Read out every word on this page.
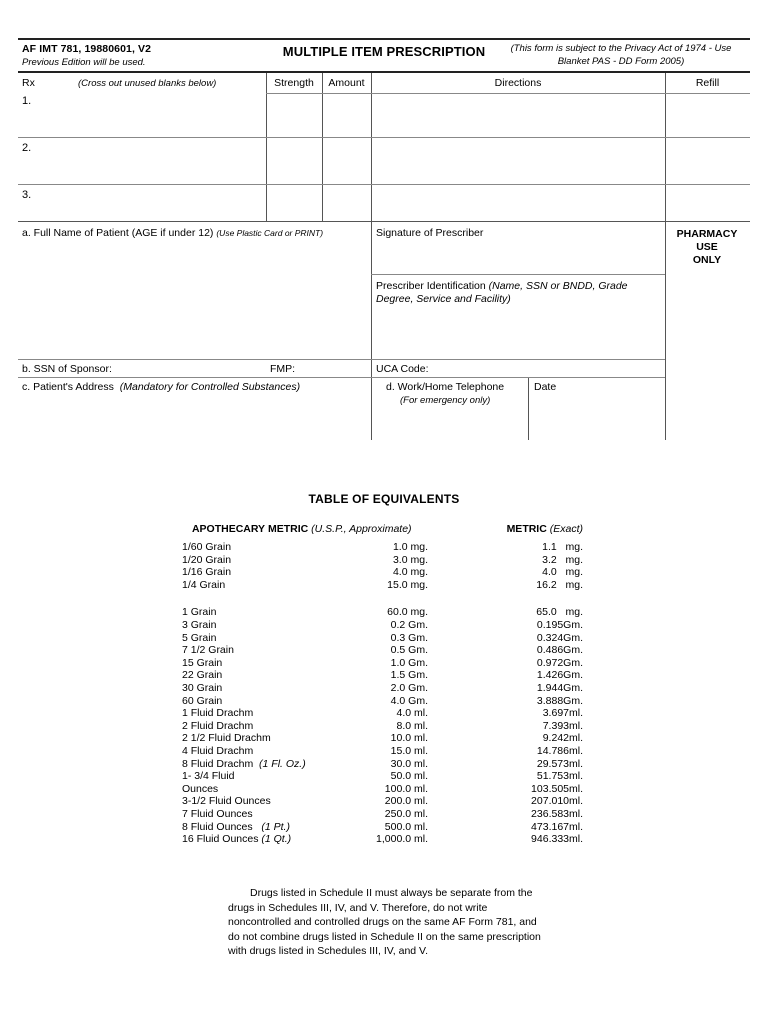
AF IMT 781, 19880601, V2
Previous Edition will be used.
MULTIPLE ITEM PRESCRIPTION	(This form is subject to the Privacy Act of 1974 - Use Blanket PAS - DD Form 2005)
Rx	(Cross out unused blanks below)	Strength	Amount	Directions	Refill
1.
2.
3.
a. Full Name of Patient (AGE if under 12) (Use Plastic Card or PRINT)
b. SSN of Sponsor:	FMP:
c. Patient's Address (Mandatory for Controlled Substances)
Signature of Prescriber
Prescriber Identification (Name, SSN or BNDD, Grade
Degree, Service and Facility)
UCA Code:
d. Work/Home Telephone
(For emergency only)
Date
PHARMACY
USE
ONLY
TABLE OF EQUIVALENTS
APOTHECARY METRIC (U.S.P., Approximate)	METRIC (Exact)
1/60 Grain	1.0 mg.	1.1   mg.
1/20 Grain	3.0 mg.	3.2   mg.
1/16 Grain	4.0 mg.	4.0   mg.
1/4 Grain	15.0 mg.	16.2   mg.
1 Grain	60.0 mg.	65.0   mg.
3 Grain	0.2 Gm.	0.195Gm.
5 Grain	0.3 Gm.	0.324Gm.
7 1/2 Grain	0.5 Gm.	0.486Gm.
15 Grain	1.0 Gm.	0.972Gm.
22 Grain	1.5 Gm.	1.426Gm.
30 Grain	2.0 Gm.	1.944Gm.
60 Grain	4.0 Gm.	3.888Gm.
1 Fluid Drachm	4.0 ml.	3.697ml.
2 Fluid Drachm	8.0 ml.	7.393ml.
2 1/2 Fluid Drachm	10.0 ml.	9.242ml.
4 Fluid Drachm	15.0 ml.	14.786ml.
8 Fluid Drachm  (1 Fl. Oz.)	30.0 ml.	29.573ml.
1- 3/4 Fluid	50.0 ml.	51.753ml.
Ounces	100.0 ml.	103.505ml.
3-1/2 Fluid Ounces	200.0 ml.	207.010ml.
7 Fluid Ounces	250.0 ml.	236.583ml.
8 Fluid Ounces   (1 Pt.)	500.0 ml.	473.167ml.
16 Fluid Ounces (1 Qt.)	1,000.0 ml.	946.333ml.
Drugs listed in Schedule II must always be separate from the drugs in Schedules III, IV, and V. Therefore, do not write noncontrolled and controlled drugs on the same AF Form 781, and do not combine drugs listed in Schedule II on the same prescription with drugs listed in Schedules III, IV, and V.
